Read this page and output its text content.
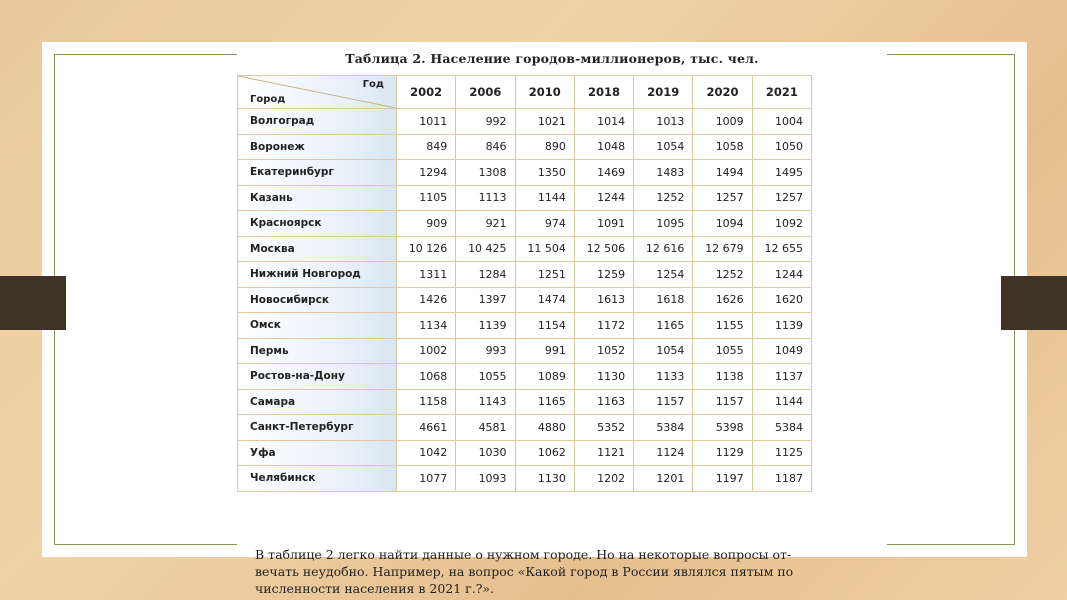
Таблица 2. Население городов-миллионеров, тыс. чел.
Год
Город	2002	2006	2010	2018	2019	2020	2021
Волгоград	1011	992	1021	1014	1013	1009	1004
Воронеж	849	846	890	1048	1054	1058	1050
Екатеринбург	1294	1308	1350	1469	1483	1494	1495
Казань	1105	1113	1144	1244	1252	1257	1257
Красноярск	909	921	974	1091	1095	1094	1092
Москва	10 126	10 425	11 504	12 506	12 616	12 679	12 655
Нижний Новгород	1311	1284	1251	1259	1254	1252	1244
Новосибирск	1426	1397	1474	1613	1618	1626	1620
Омск	1134	1139	1154	1172	1165	1155	1139
Пермь	1002	993	991	1052	1054	1055	1049
Ростов-на-Дону	1068	1055	1089	1130	1133	1138	1137
Самара	1158	1143	1165	1163	1157	1157	1144
Санкт-Петербург	4661	4581	4880	5352	5384	5398	5384
Уфа	1042	1030	1062	1121	1124	1129	1125
Челябинск	1077	1093	1130	1202	1201	1197	1187
В таблице 2 легко найти данные о нужном городе. Но на некоторые вопросы от-
вечать неудобно. Например, на вопрос «Какой город в России являлся пятым по
численности населения в 2021 г.?».
